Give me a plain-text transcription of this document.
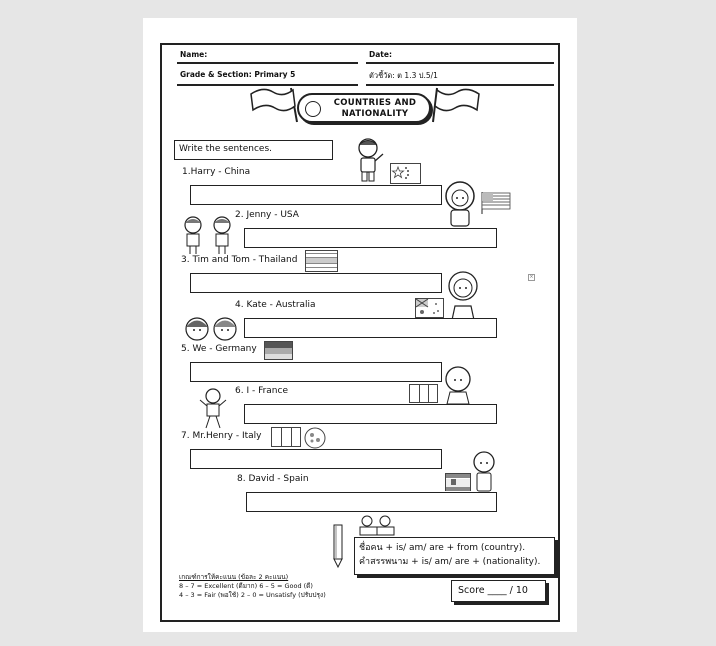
Name:	Date:
Grade & Section: Primary 5	ตัวชี้วัด: ต 1.3 ป.5/1
COUNTRIES AND
NATIONALITY
Write the sentences.
1.Harry - China
2. Jenny - USA
3. Tim and Tom - Thailand
4. Kate - Australia
5. We - Germany
6. I - France
7. Mr.Henry - Italy
8. David - Spain
ชื่อคน + is/ am/ are + from (country).
คำสรรพนาม + is/ am/ are + (nationality).
เกณฑ์การให้คะแนน (ข้อละ 2 คะแนน)
8 – 7 = Excellent (ดีมาก) 6 – 5 = Good (ดี)
4 – 3 = Fair (พอใช้) 2 – 0 = Unsatisfy (ปรับปรุง)	Score ____ / 10
×
